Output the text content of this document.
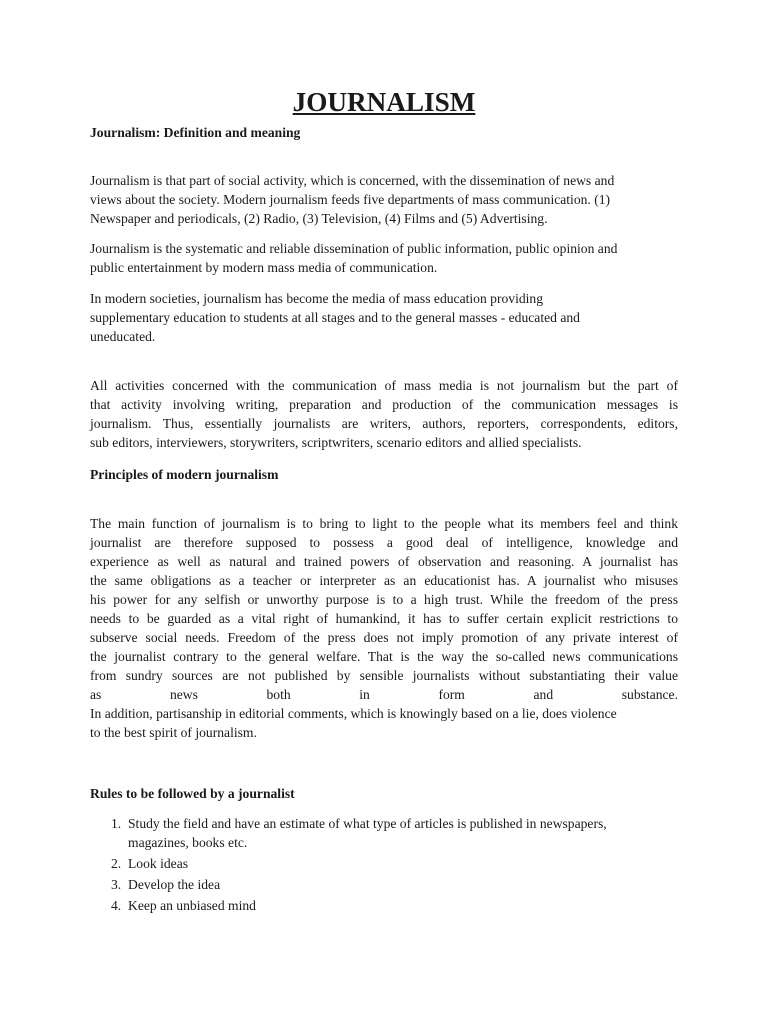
JOURNALISM
Journalism: Definition and meaning

Journalism is that part of social activity, which is concerned, with the dissemination of news and
views about the society. Modern journalism feeds five departments of mass communication. (1)
Newspaper and periodicals, (2) Radio, (3) Television, (4) Films and (5) Advertising.

Journalism is the systematic and reliable dissemination of public information, public opinion and
public entertainment by modern mass media of communication.

In modern societies, journalism has become the media of mass education providing
supplementary education to students at all stages and to the general masses - educated and
uneducated.

All activities concerned with the communication of mass media is not journalism but the part of
that activity involving writing, preparation and production of the communication messages is
journalism. Thus, essentially journalists are writers, authors, reporters, correspondents, editors,
sub editors, interviewers, storywriters, scriptwriters, scenario editors and allied specialists.

Principles of modern journalism

The main function of journalism is to bring to light to the people what its members feel and think
journalist are therefore supposed to possess a good deal of intelligence, knowledge and
experience as well as natural and trained powers of observation and reasoning. A journalist has
the same obligations as a teacher or interpreter as an educationist has. A journalist who misuses
his power for any selfish or unworthy purpose is to a high trust. While the freedom of the press
needs to be guarded as a vital right of humankind, it has to suffer certain explicit restrictions to
subserve social needs. Freedom of the press does not imply promotion of any private interest of
the journalist contrary to the general welfare. That is the way the so-called news communications
from sundry sources are not published by sensible journalists without substantiating their value
as news both in form and substance.
In addition, partisanship in editorial comments, which is knowingly based on a lie, does violence
to the best spirit of journalism.

Rules to be followed by a journalist
1. Study the field and have an estimate of what type of articles is published in newspapers,
magazines, books etc.
2. Look ideas
3. Develop the idea
4. Keep an unbiased mind
